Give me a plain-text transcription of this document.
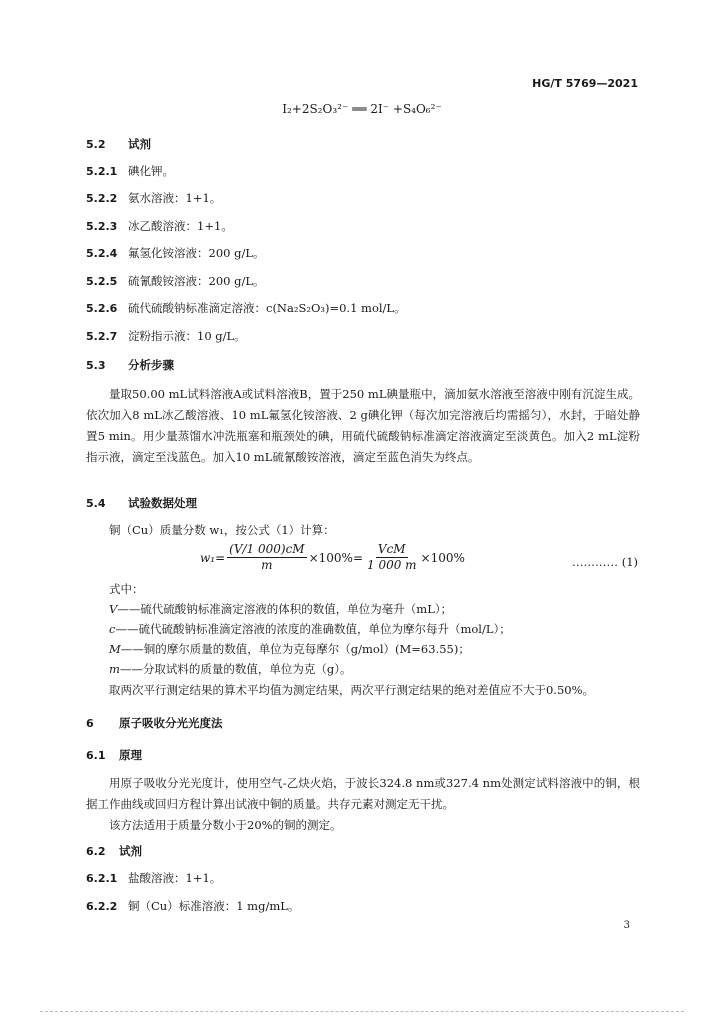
HG/T 5769—2021
I₂+2S₂O₃²⁻ ══ 2I⁻ +S₄O₆²⁻
5.2 试剂
5.2.1 碘化钾。
5.2.2 氨水溶液：1+1。
5.2.3 冰乙酸溶液：1+1。
5.2.4 氟氢化铵溶液：200 g/L。
5.2.5 硫氰酸铵溶液：200 g/L。
5.2.6 硫代硫酸钠标准滴定溶液：c(Na₂S₂O₃)=0.1 mol/L。
5.2.7 淀粉指示液：10 g/L。
5.3 分析步骤

量取50.00 mL试料溶液A或试料溶液B，置于250 mL碘量瓶中，滴加氨水溶液至溶液中刚有沉淀生成。依次加入8 mL冰乙酸溶液、10 mL氟氢化铵溶液、2 g碘化钾（每次加完溶液后均需摇匀），水封，于暗处静置5 min。用少量蒸馏水冲洗瓶塞和瓶颈处的碘，用硫代硫酸钠标准滴定溶液滴定至淡黄色。加入2 mL淀粉指示液，滴定至浅蓝色。加入10 mL硫氰酸铵溶液，滴定至蓝色消失为终点。

5.4 试验数据处理
铜（Cu）质量分数 w₁，按公式（1）计算：
$w_1= \frac{(V/1 000)cM}{m} \times 100\%= \frac{\text{VcM}}{1 000 m} \times 100\%$	………… (1)
式中：
V——硫代硫酸钠标准滴定溶液的体积的数值，单位为毫升（mL）；
c——硫代硫酸钠标准滴定溶液的浓度的准确数值，单位为摩尔每升（mol/L）；
M——铜的摩尔质量的数值，单位为克每摩尔（g/mol）(M=63.55)；
m——分取试料的质量的数值，单位为克（g）。
取两次平行测定结果的算术平均值为测定结果，两次平行测定结果的绝对差值应不大于0.50%。
6 原子吸收分光光度法
6.1 原理

用原子吸收分光光度计，使用空气-乙炔火焰，于波长324.8 nm或327.4 nm处测定试料溶液中的铜，根据工作曲线或回归方程计算出试液中铜的质量。共存元素对测定无干扰。

该方法适用于质量分数小于20%的铜的测定。

6.2 试剂
6.2.1 盐酸溶液：1+1。
6.2.2 铜（Cu）标准溶液：1 mg/mL。
3
